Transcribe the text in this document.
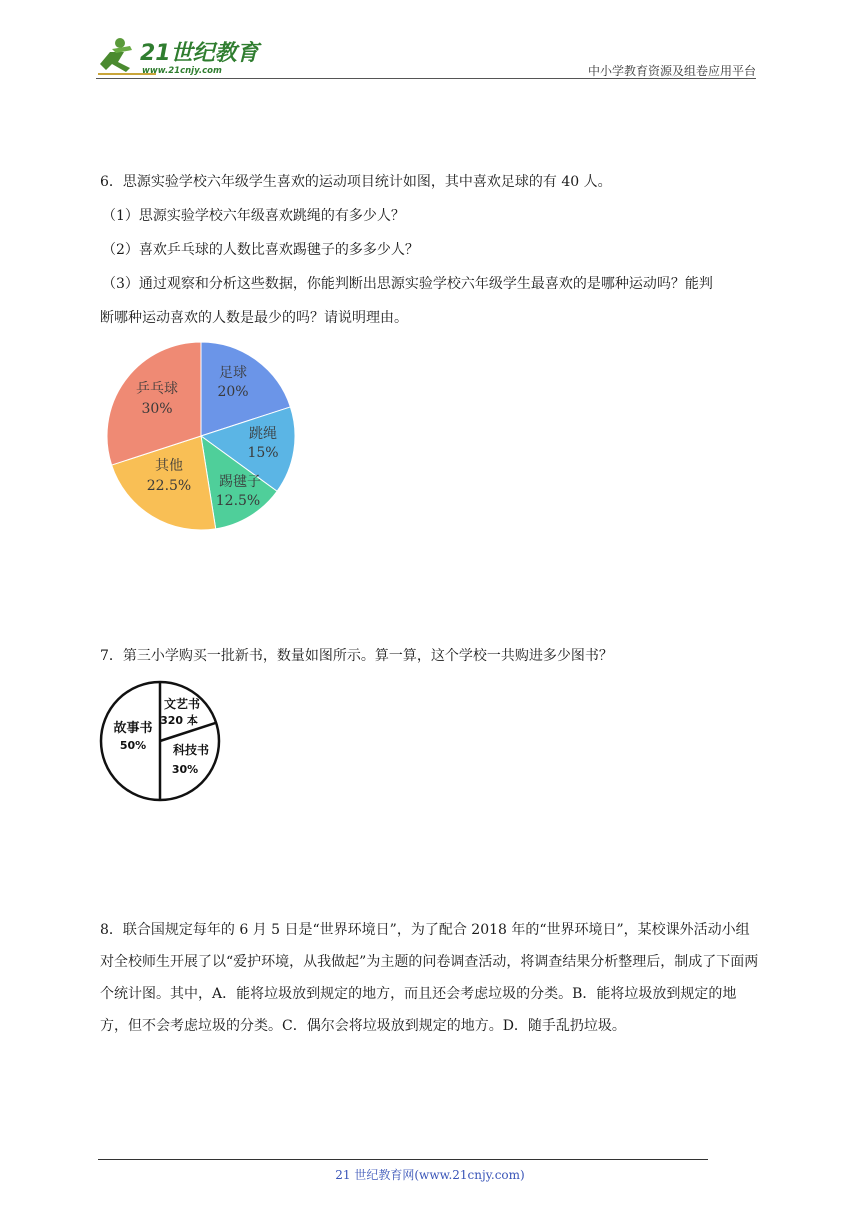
21世纪教育
www.21cnjy.com	中小学教育资源及组卷应用平台
6．思源实验学校六年级学生喜欢的运动项目统计如图，其中喜欢足球的有 40 人。
（1）思源实验学校六年级喜欢跳绳的有多少人？
（2）喜欢乒乓球的人数比喜欢踢毽子的多多少人？
（3）通过观察和分析这些数据，你能判断出思源实验学校六年级学生最喜欢的是哪种运动吗？能判
断哪种运动喜欢的人数是最少的吗？请说明理由。
足球
20%
跳绳
15%
踢毽子
12.5%
其他
22.5%
乒乓球
30%
7．第三小学购买一批新书，数量如图所示。算一算，这个学校一共购进多少图书？
故事书
50%
文艺书
320 本
科技书
30%
8．联合国规定每年的 6 月 5 日是“世界环境日”，为了配合 2018 年的“世界环境日”，某校课外活动小组对全校师生开展了以“爱护环境，从我做起”为主题的问卷调查活动，将调查结果分析整理后，制成了下面两个统计图。其中，A．能将垃圾放到规定的地方，而且还会考虑垃圾的分类。B．能将垃圾放到规定的地方，但不会考虑垃圾的分类。C．偶尔会将垃圾放到规定的地方。D．随手乱扔垃圾。
21 世纪教育网(www.21cnjy.com)
